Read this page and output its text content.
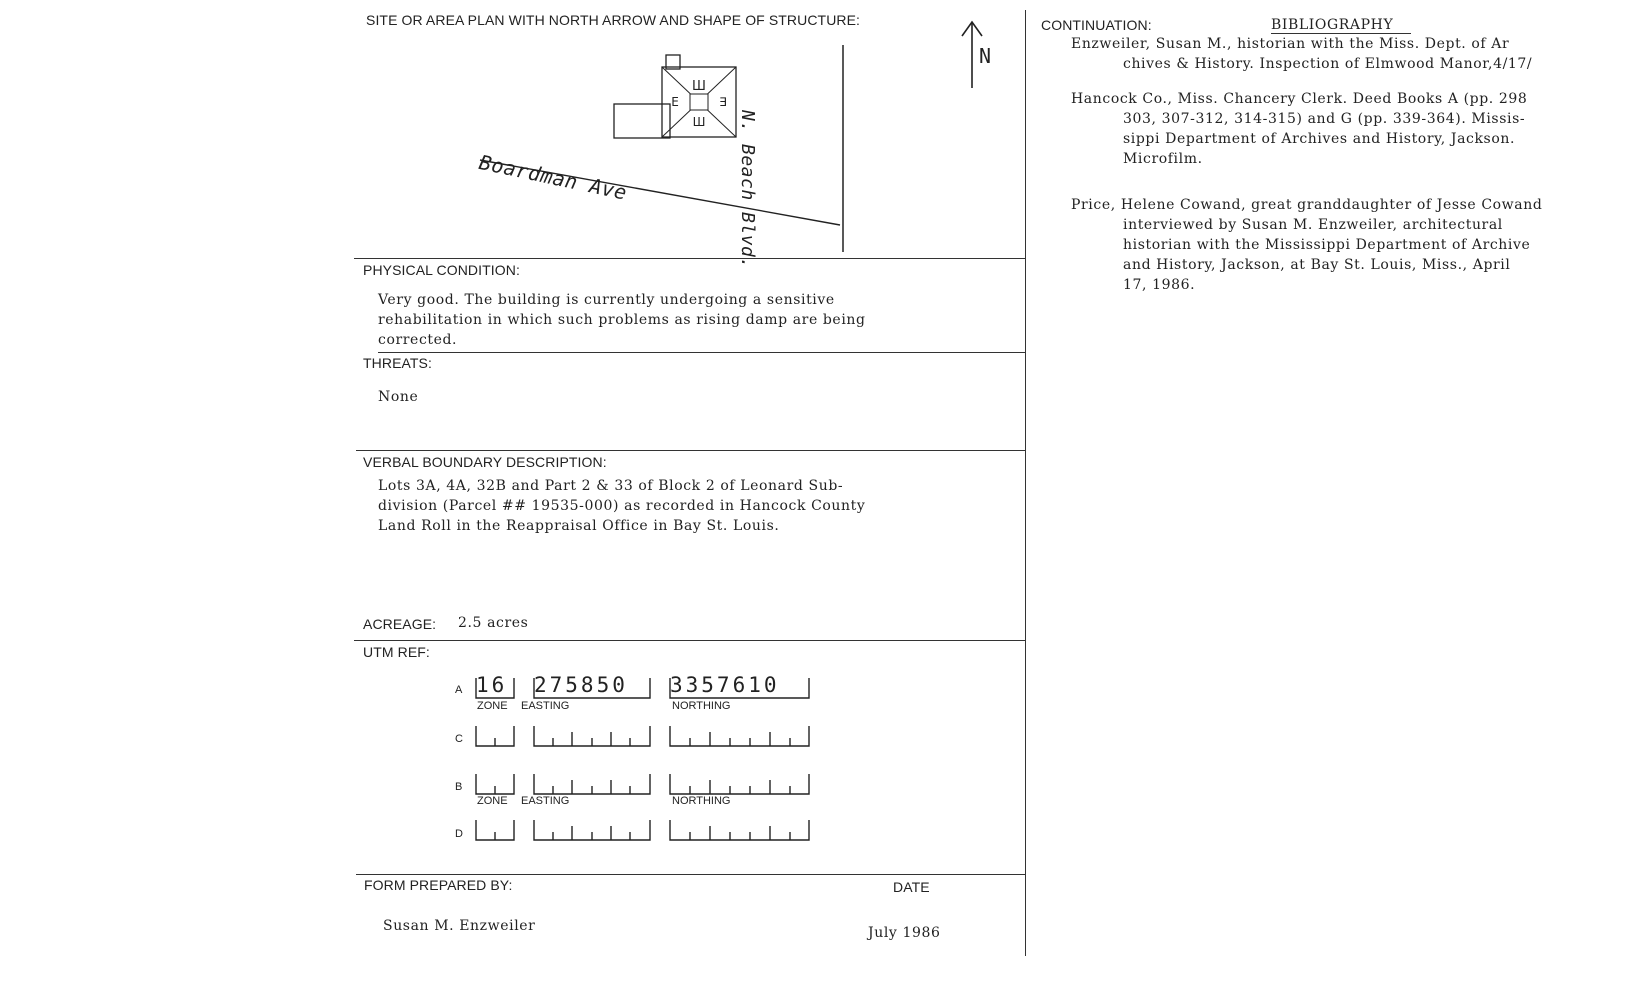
SITE OR AREA PLAN WITH NORTH ARROW AND SHAPE OF STRUCTURE:
Ш
E	∃
Ш
N
N. Beach Blvd.
Boardman Ave
PHYSICAL CONDITION:
Very good. The building is currently undergoing a sensitive
rehabilitation in which such problems as rising damp are being
corrected.
THREATS:
None
VERBAL BOUNDARY DESCRIPTION:
Lots 3A, 4A, 32B and Part 2 & 33 of Block 2 of Leonard Sub-
division (Parcel ## 19535-000) as recorded in Hancock County
Land Roll in the Reappraisal Office in Bay St. Louis.
ACREAGE: 2.5 acres
UTM REF:
A 16 275850 3357610
ZONE EASTING	NORTHING
C
B
ZONE EASTING	NORTHING
D
FORM PREPARED BY:	DATE
Susan M. Enzweiler	July 1986
CONTINUATION:	BIBLIOGRAPHY
Enzweiler, Susan M., historian with the Miss. Dept. of Ar
chives & History. Inspection of Elmwood Manor,4/17/
Hancock Co., Miss. Chancery Clerk. Deed Books A (pp. 298
303, 307-312, 314-315) and G (pp. 339-364). Missis-
sippi Department of Archives and History, Jackson.
Microfilm.
Price, Helene Cowand, great granddaughter of Jesse Cowand
interviewed by Susan M. Enzweiler, architectural
historian with the Mississippi Department of Archive
and History, Jackson, at Bay St. Louis, Miss., April
17, 1986.
